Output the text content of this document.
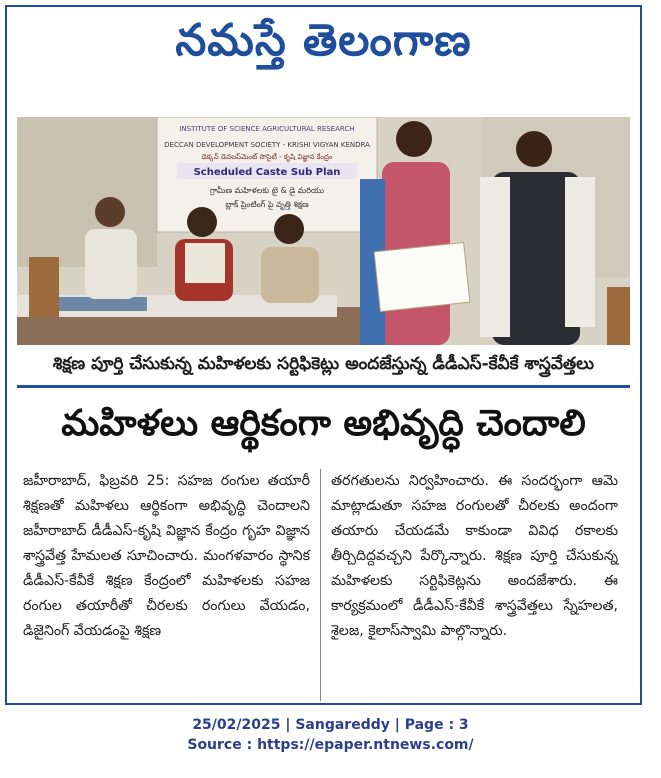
నమస్తే తెలంగాణ
INSTITUTE OF SCIENCE AGRICULTURAL RESEARCH
DECCAN DEVELOPMENT SOCIETY - KRISHI VIGYAN KENDRA
డెక్కన్ డెవలప్‌మెంట్ సొసైటీ - కృషి విజ్ఞాన కేంద్రం
Scheduled Caste Sub Plan
గ్రామీణ మహిళలకు టై & డై మరియు
బ్లాక్ ప్రింటింగ్ పై వృత్తి శిక్షణ
శిక్షణ పూర్తి చేసుకున్న మహిళలకు సర్టిఫికెట్లు అందజేస్తున్న డీడీఎస్‌-కేవీకే శాస్త్రవేత్తలు
మహిళలు ఆర్థికంగా అభివృద్ధి చెందాలి
జహీరాబాద్‌, ఫిబ్రవరి 25: సహజ రంగుల తయారీ శిక్షణతో మహిళలు ఆర్థికంగా అభివృద్ధి చెందాలని జహీరాబాద్‌ డీడీఎస్‌-కృషి విజ్ఞాన కేంద్రం గృహ విజ్ఞాన శాస్త్రవేత్త హేమలత సూచించారు. మంగళవారం స్థానిక డీడీఎస్‌-కేవీకే శిక్షణ కేంద్రంలో మహిళలకు సహజ రంగుల తయారీతో చీరలకు రంగులు వేయడం, డిజైనింగ్‌ వేయడంపై శిక్షణ
తరగతులను నిర్వహించారు. ఈ సందర్భంగా ఆమె మాట్లాడుతూ సహజ రంగులతో చీరలకు అందంగా తయారు చేయడమే కాకుండా వివిధ రకాలకు తీర్చిదిద్దవచ్చని పేర్కొన్నారు. శిక్షణ పూర్తి చేసుకున్న మహిళలకు సర్టిఫికెట్లను అందజేశారు. ఈ కార్యక్రమంలో డీడీఎస్‌-కేవీకే శాస్త్రవేత్తలు స్నేహలత, శైలజ, కైలాస్‌స్వామి పాల్గొన్నారు.
25/02/2025 | Sangareddy | Page : 3
Source : https://epaper.ntnews.com/
